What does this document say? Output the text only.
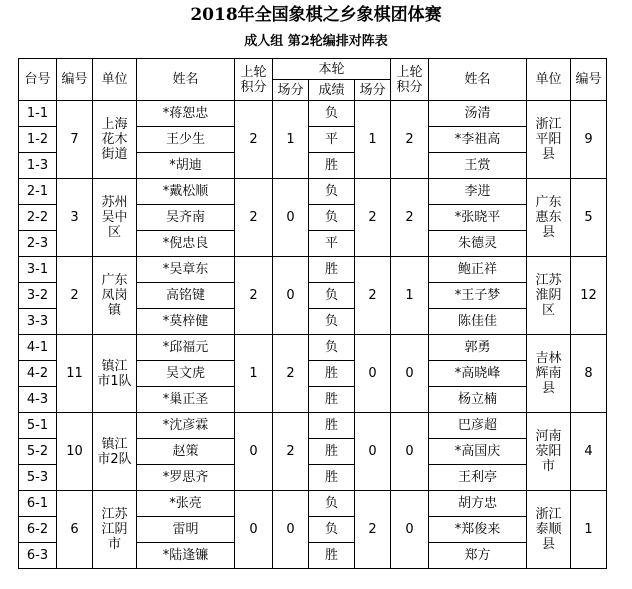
2018年全国象棋之乡象棋团体赛
成人组 第2轮编排对阵表
台号	编号	单位	姓名	上轮积分	本轮			上轮积分	姓名	单位	编号
					场分	成绩	场分				
1-1	7	上海花木街道	*蒋恕忠	2	1	负	1	2	汤清	浙江平阳县	9
1-2			王少生			平			*李祖高		
1-3			*胡迪			胜			王赏		
2-1	3	苏州吴中区	*戴松顺	2	0	负	2	2	李进	广东惠东县	5
2-2			吴齐南			负			*张晓平		
2-3			*倪忠良			平			朱德灵		
3-1	2	广东凤岗镇	*吴章东	2	0	胜	2	1	鲍正祥	江苏淮阴区	12
3-2			高铭键			负			*王子梦		
3-3			*莫梓健			负			陈佳佳		
4-1	11	镇江市1队	*邱福元	1	2	负	0	0	郭勇	吉林辉南县	8
4-2			吴文虎			胜			*高晓峰		
4-3			*巢正圣			胜			杨立楠		
5-1	10	镇江市2队	*沈彦霖	0	2	胜	0	0	巴彦超	河南荥阳市	4
5-2			赵策			胜			*高国庆		
5-3			*罗思齐			胜			王利亭		
6-1	6	江苏江阴市	*张亮	0	0	负	2	0	胡方忠	浙江泰顺县	1
6-2			雷明			负			*郑俊来		
6-3			*陆逢镰			胜			郑方		
